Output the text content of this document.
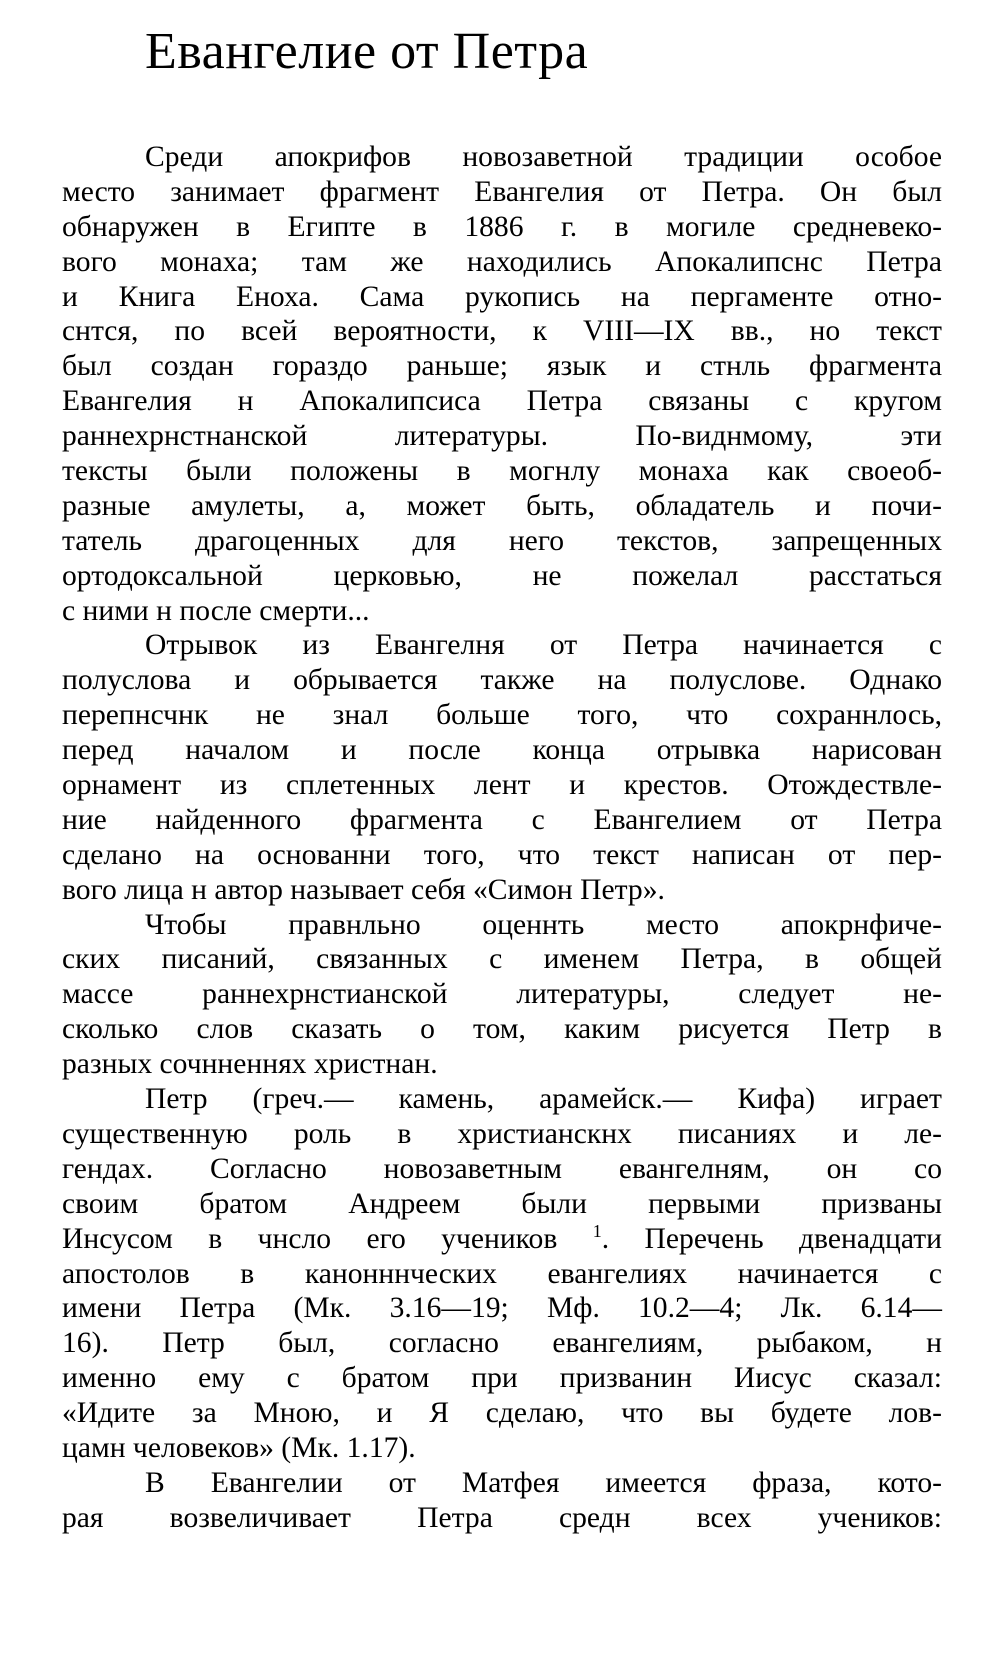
Евангелие от Петра
Среди апокрифов новозаветной традиции особое
место занимает фрагмент Евангелия от Петра. Он был
обнаружен в Египте в 1886 г. в могиле средневеко-
вого монаха; там же находились Апокалипснс Петра
и Книга Еноха. Сама рукопись на пергаменте отно-
снтся, по всей вероятности, к VIII—IX вв., но текст
был создан гораздо раньше; язык и стнль фрагмента
Евангелия н Апокалипсиса Петра связаны с кругом
раннехрнстнанской литературы. По-виднмому, эти
тексты были положены в могнлу монаха как своеоб-
разные амулеты, а, может быть, обладатель и почи-
татель драгоценных для него текстов, запрещенных
ортодоксальной церковью, не пожелал расстаться
с ними н после смерти...
Отрывок из Евангелня от Петра начинается с
полуслова и обрывается также на полуслове. Однако
перепнсчнк не знал больше того, что сохраннлось,
перед началом и после конца отрывка нарисован
орнамент из сплетенных лент и крестов. Отождествле-
ние найденного фрагмента с Евангелием от Петра
сделано на основанни того, что текст написан от пер-
вого лица н автор называет себя «Симон Петр».
Чтобы правнльно оценнть место апокрнфиче-
ских писаний, связанных с именем Петра, в общей
массе раннехрнстианской литературы, следует не-
сколько слов сказать о том, каким рисуется Петр в
разных сочнненнях христнан.
Петр (греч.— камень, арамейск.— Кифа) играет
существенную роль в христианскнх писаниях и ле-
гендах. Согласно новозаветным евангелням, он со
своим братом Андреем были первыми призваны
Инсусом в чнсло его учеников $^1$. Перечень двенадцати
апостолов в канонннческих евангелиях начинается с
имени Петра (Мк. 3.16—19; Мф. 10.2—4; Лк. 6.14—
16). Петр был, согласно евангелиям, рыбаком, н
именно ему с братом при призванин Иисус сказал:
«Идите за Мною, и Я сделаю, что вы будете лов-
цамн человеков» (Мк. 1.17).
В Евангелии от Матфея имеется фраза, кото-
рая возвеличивает Петра средн всех учеников:
